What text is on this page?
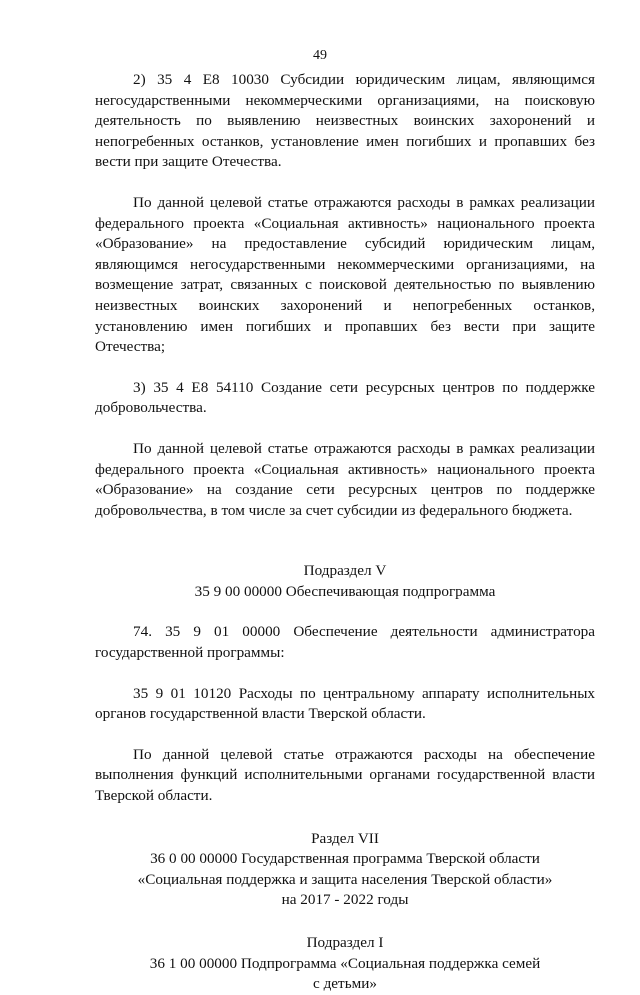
49

2) 35 4 E8 10030 Субсидии юридическим лицам, являющимся негосударственными некоммерческими организациями, на поисковую деятельность по выявлению неизвестных воинских захоронений и непогребенных останков, установление имен погибших и пропавших без вести при защите Отечества.

По данной целевой статье отражаются расходы в рамках реализации федерального проекта «Социальная активность» национального проекта «Образование» на предоставление субсидий юридическим лицам, являющимся негосударственными некоммерческими организациями, на возмещение затрат, связанных с поисковой деятельностью по выявлению неизвестных воинских захоронений и непогребенных останков, установлению имен погибших и пропавших без вести при защите Отечества;

3) 35 4 E8 54110 Создание сети ресурсных центров по поддержке добровольчества.

По данной целевой статье отражаются расходы в рамках реализации федерального проекта «Социальная активность» национального проекта «Образование» на создание сети ресурсных центров по поддержке добровольчества, в том числе за счет субсидии из федерального бюджета.

Подраздел V
35 9 00 00000 Обеспечивающая подпрограмма

74. 35 9 01 00000 Обеспечение деятельности администратора государственной программы:

35 9 01 10120 Расходы по центральному аппарату исполнительных органов государственной власти Тверской области.

По данной целевой статье отражаются расходы на обеспечение выполнения функций исполнительными органами государственной власти Тверской области.

Раздел VII
36 0 00 00000 Государственная программа Тверской области
«Социальная поддержка и защита населения Тверской области»
на 2017 - 2022 годы
Подраздел I
36 1 00 00000 Подпрограмма «Социальная поддержка семей
с детьми»
